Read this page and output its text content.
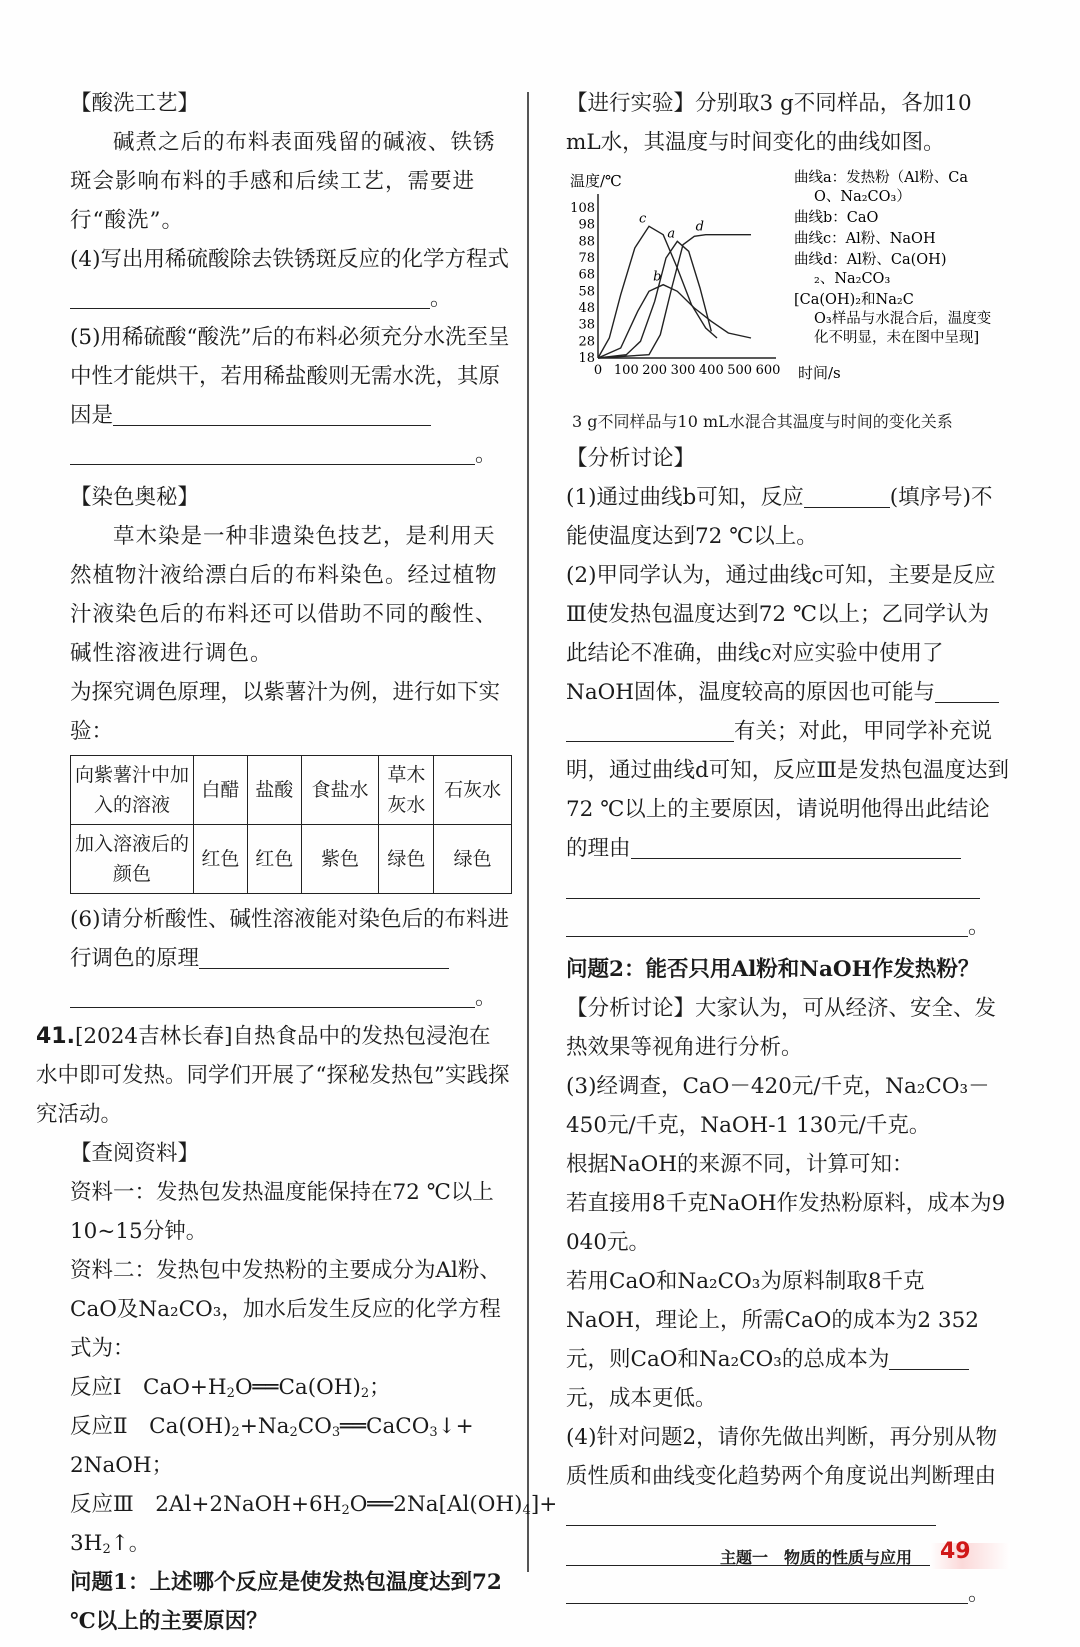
【酸洗工艺】

碱煮之后的布料表面残留的碱液、铁锈斑会影响布料的手感和后续工艺，需要进行“酸洗”。

(4)写出用稀硫酸除去铁锈斑反应的化学方程式。

(5)用稀硫酸“酸洗”后的布料必须充分水洗至呈中性才能烘干，若用稀盐酸则无需水洗，其原因是

。

【染色奥秘】

草木染是一种非遗染色技艺，是利用天然植物汁液给漂白后的布料染色。经过植物汁液染色后的布料还可以借助不同的酸性、碱性溶液进行调色。

为探究调色原理，以紫薯汁为例，进行如下实验：

向紫薯汁中加入的溶液	白醋	盐酸	食盐水	草木灰水	石灰水
加入溶液后的颜色	红色	红色	紫色	绿色	绿色

(6)请分析酸性、碱性溶液能对染色后的布料进行调色的原理

。

41.[2024吉林长春]自热食品中的发热包浸泡在水中即可发热。同学们开展了“探秘发热包”实践探究活动。

【查阅资料】

资料一：发热包发热温度能保持在72 ℃以上10~15分钟。

资料二：发热包中发热粉的主要成分为Al粉、CaO及Na₂CO₃，加水后发生反应的化学方程式为：

反应Ⅰ　$CaO+H_2O══Ca(OH)_2$；

反应Ⅱ　$Ca(OH)_2+Na_2CO_3══CaCO_3↓+$

2NaOH；

反应Ⅲ　$2Al+2NaOH+6H_2O══2Na[Al(OH)_4]+$

$3H_2↑$。

问题1：上述哪个反应是使发热包温度达到72 ℃以上的主要原因？

【进行实验】分别取3 g不同样品，各加10 mL水，其温度与时间变化的曲线如图。

温度/℃
时间/s
18
28
38
48
58
68
78
88
98
108
0 100 200 300 400 500 600
a
b
c
d
曲线a：发热粉（Al粉、Ca O、Na₂CO₃）
曲线b：CaO
曲线c：Al粉、NaOH
曲线d：Al粉、Ca(OH) ₂、Na₂CO₃
[Ca(OH)₂和Na₂C O₃样品与水混合后，温度变化不明显，未在图中呈现]

3 g不同样品与10 mL水混合其温度与时间的变化关系

【分析讨论】

(1)通过曲线b可知，反应	(填序号)不能使温度达到72 ℃以上。

(2)甲同学认为，通过曲线c可知，主要是反应Ⅲ使发热包温度达到72 ℃以上；乙同学认为此结论不准确，曲线c对应实验中使用了NaOH固体，温度较高的原因也可能与

有关；对此，甲同学补充说明，通过曲线d可知，反应Ⅲ是发热包温度达到72 ℃以上的主要原因，请说明他得出此结论的理由

。

问题2：能否只用Al粉和NaOH作发热粉？

【分析讨论】大家认为，可从经济、安全、发热效果等视角进行分析。

(3)经调查，CaO－420元/千克，Na₂CO₃－450元/千克，NaOH-1 130元/千克。

根据NaOH的来源不同，计算可知：

若直接用8千克NaOH作发热粉原料，成本为9 040元。

若用CaO和Na₂CO₃为原料制取8千克NaOH，理论上，所需CaO的成本为2 352元，则CaO和Na₂CO₃的总成本为元，成本更低。

(4)针对问题2，请你先做出判断，再分别从物质性质和曲线变化趋势两个角度说出判断理由

。

主题一　物质的性质与应用 49
